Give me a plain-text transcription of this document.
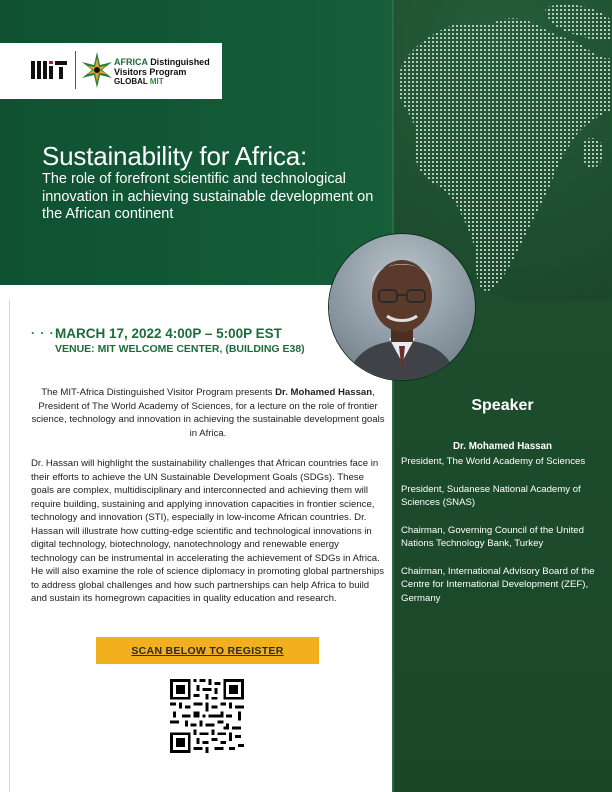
AFRICA Distinguished
Visitors Program
GLOBAL MIT
Sustainability for Africa:

The role of forefront scientific and technological innovation in achieving sustainable development on the African continent

· · · MARCH 17, 2022 4:00P – 5:00P EST
VENUE: MIT WELCOME CENTER, (BUILDING E38)

The MIT-Africa Distinguished Visitor Program presents Dr. Mohamed Hassan, President of The World Academy of Sciences, for a lecture on the role of frontier science, technology and innovation in achieving the sustainable development goals in Africa.

Dr. Hassan will highlight the sustainability challenges that African countries face in their efforts to achieve the UN Sustainable Development Goals (SDGs). These goals are complex, multidisciplinary and interconnected and achieving them will require building, sustaining and applying innovation capacities in frontier science, technology and innovation (STI), especially in low-income African countries. Dr. Hassan will illustrate how cutting-edge scientific and technological innovations in digital technology, biotechnology, nanotechnology and renewable energy technology can be instrumental in accelerating the achievement of SDGs in Africa. He will also examine the role of science diplomacy in promoting global partnerships to address global challenges and how such partnerships can help Africa to build and sustain its homegrown capacities in quality education and research.

SCAN BELOW TO REGISTER
Speaker
Dr. Mohamed Hassan
President, The World Academy of Sciences
President, Sudanese National Academy of Sciences (SNAS)
Chairman, Governing Council of the United Nations Technology Bank, Turkey
Chairman, International Advisory Board of the Centre for International Development (ZEF), Germany
